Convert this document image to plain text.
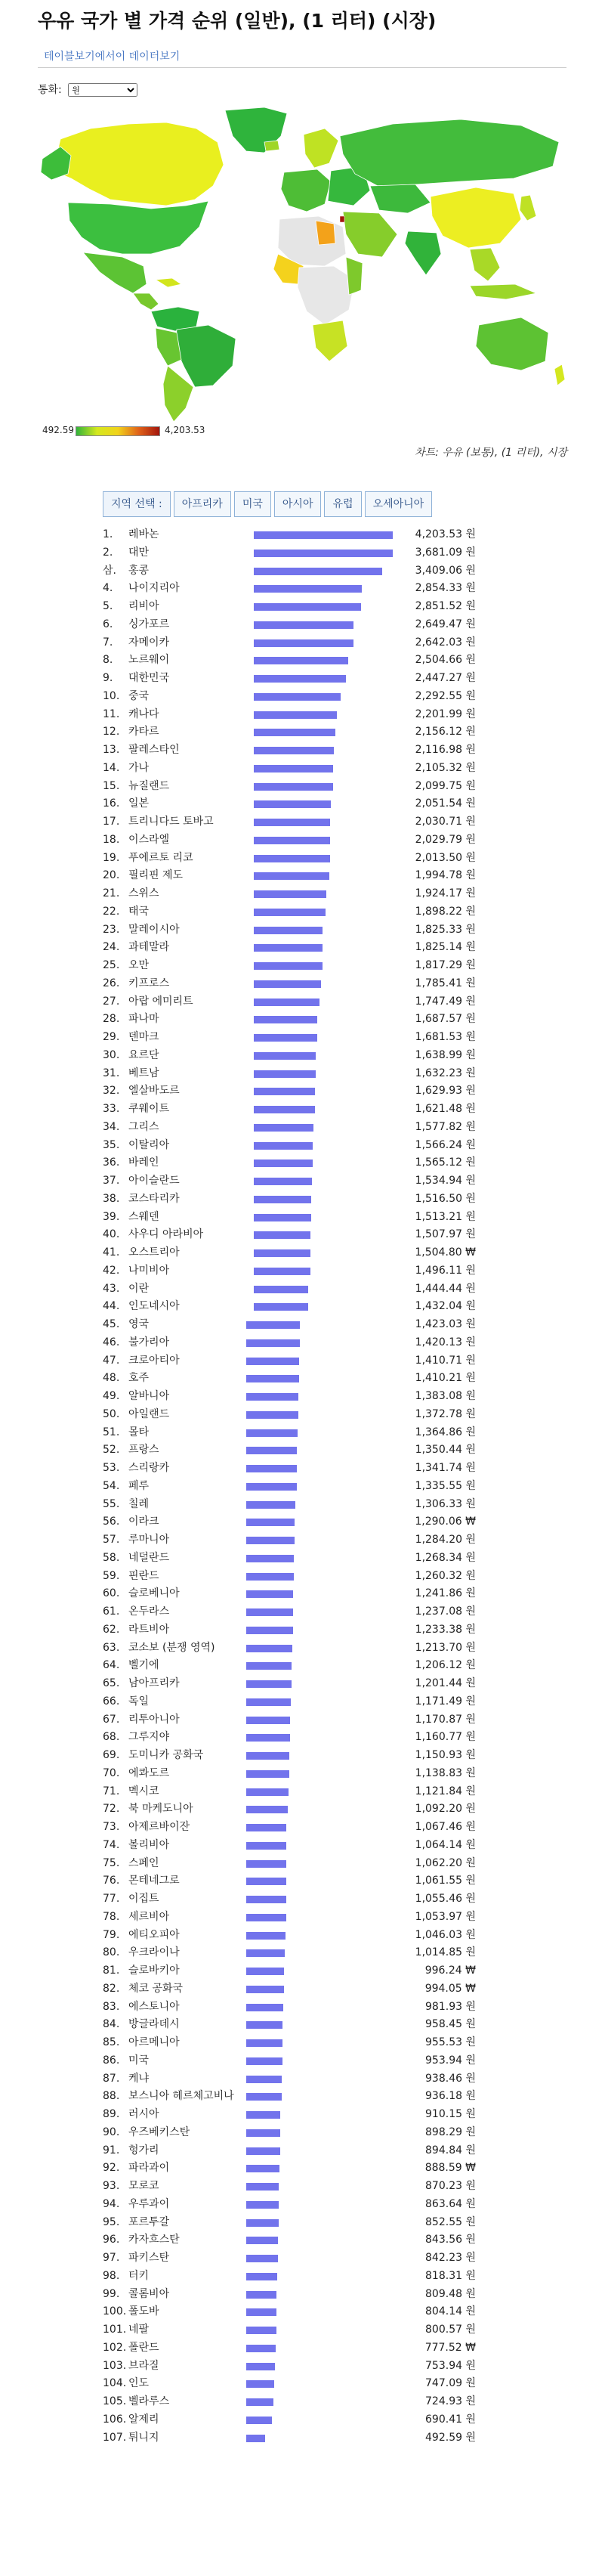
우유 국가 별 가격 순위 (일반), (1 리터) (시장)
테이블보기에서이 데이터보기
통화:
원
492.59	4,203.53
차트: 우유 (보통), (1 리터), 시장
지역 선택 :	아프리카	미국	아시아	유럽	오세아니아
1.	레바논	4,203.53 원
2.	대만	3,681.09 원
삼.	홍콩	3,409.06 원
4.	나이지리아	2,854.33 원
5.	리비아	2,851.52 원
6.	싱가포르	2,649.47 원
7.	자메이카	2,642.03 원
8.	노르웨이	2,504.66 원
9.	대한민국	2,447.27 원
10. 중국	2,292.55 원
11. 캐나다	2,201.99 원
12. 카타르	2,156.12 원
13. 팔레스타인	2,116.98 원
14. 가나	2,105.32 원
15. 뉴질랜드	2,099.75 원
16. 일본	2,051.54 원
17. 트리니다드 토바고	2,030.71 원
18. 이스라엘	2,029.79 원
19. 푸에르토 리코	2,013.50 원
20. 필리핀 제도	1,994.78 원
21. 스위스	1,924.17 원
22. 태국	1,898.22 원
23. 말레이시아	1,825.33 원
24. 과테말라	1,825.14 원
25. 오만	1,817.29 원
26. 키프로스	1,785.41 원
27. 아랍 에미리트	1,747.49 원
28. 파나마	1,687.57 원
29. 덴마크	1,681.53 원
30. 요르단	1,638.99 원
31. 베트남	1,632.23 원
32. 엘살바도르	1,629.93 원
33. 쿠웨이트	1,621.48 원
34. 그리스	1,577.82 원
35. 이탈리아	1,566.24 원
36. 바레인	1,565.12 원
37. 아이슬란드	1,534.94 원
38. 코스타리카	1,516.50 원
39. 스웨덴	1,513.21 원
40. 사우디 아라비아	1,507.97 원
41. 오스트리아	1,504.80 ₩
42. 나미비아	1,496.11 원
43. 이란	1,444.44 원
44. 인도네시아	1,432.04 원
45. 영국	1,423.03 원
46. 불가리아	1,420.13 원
47. 크로아티아	1,410.71 원
48. 호주	1,410.21 원
49. 알바니아	1,383.08 원
50. 아일랜드	1,372.78 원
51. 몰타	1,364.86 원
52. 프랑스	1,350.44 원
53. 스리랑카	1,341.74 원
54. 페루	1,335.55 원
55. 칠레	1,306.33 원
56. 이라크	1,290.06 ₩
57. 루마니아	1,284.20 원
58. 네덜란드	1,268.34 원
59. 핀란드	1,260.32 원
60. 슬로베니아	1,241.86 원
61. 온두라스	1,237.08 원
62. 라트비아	1,233.38 원
63. 코소보 (분쟁 영역)	1,213.70 원
64. 벨기에	1,206.12 원
65. 남아프리카	1,201.44 원
66. 독일	1,171.49 원
67. 리투아니아	1,170.87 원
68. 그루지야	1,160.77 원
69. 도미니카 공화국	1,150.93 원
70. 에콰도르	1,138.83 원
71. 멕시코	1,121.84 원
72. 북 마케도니아	1,092.20 원
73. 아제르바이잔	1,067.46 원
74. 볼리비아	1,064.14 원
75. 스페인	1,062.20 원
76. 몬테네그로	1,061.55 원
77. 이집트	1,055.46 원
78. 세르비아	1,053.97 원
79. 에티오피아	1,046.03 원
80. 우크라이나	1,014.85 원
81. 슬로바키아	996.24 ₩
82. 체코 공화국	994.05 ₩
83. 에스토니아	981.93 원
84. 방글라데시	958.45 원
85. 아르메니아	955.53 원
86. 미국	953.94 원
87. 케냐	938.46 원
88. 보스니아 헤르체고비나	936.18 원
89. 러시아	910.15 원
90. 우즈베키스탄	898.29 원
91. 헝가리	894.84 원
92. 파라과이	888.59 ₩
93. 모로코	870.23 원
94. 우루과이	863.64 원
95. 포르투갈	852.55 원
96. 카자흐스탄	843.56 원
97. 파키스탄	842.23 원
98. 터키	818.31 원
99. 콜롬비아	809.48 원
100. 폴도바	804.14 원
101. 네팔	800.57 원
102. 폴란드	777.52 ₩
103. 브라질	753.94 원
104. 인도	747.09 원
105. 벨라루스	724.93 원
106. 알제리	690.41 원
107. 튀니지	492.59 원
